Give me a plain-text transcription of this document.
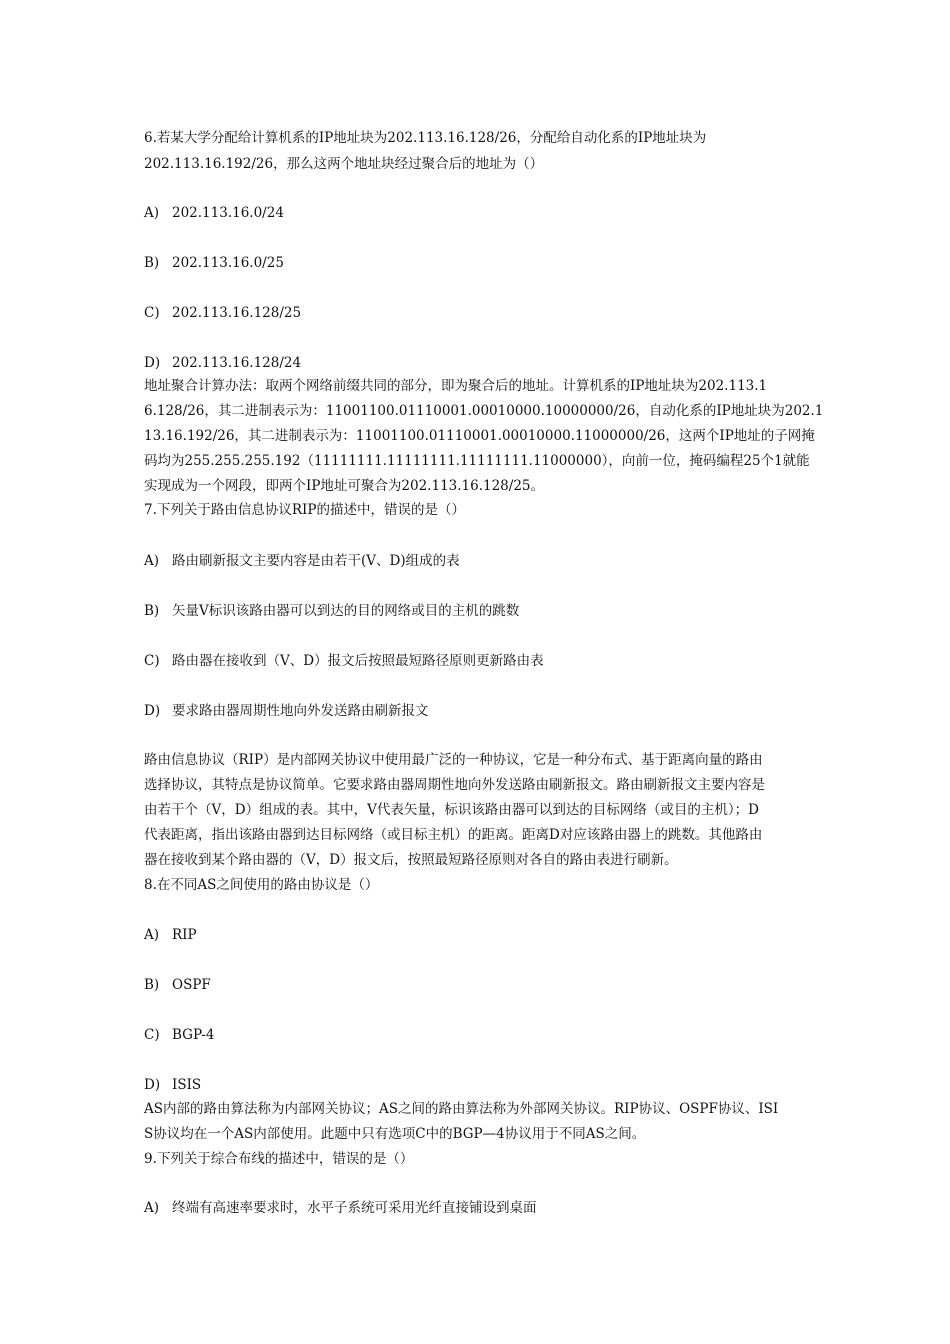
6.若某大学分配给计算机系的IP地址块为202.113.16.128/26，分配给自动化系的IP地址块为
202.113.16.192/26，那么这两个地址块经过聚合后的地址为（）
A) 202.113.16.0/24
B) 202.113.16.0/25
C) 202.113.16.128/25
D) 202.113.16.128/24
地址聚合计算办法：取两个网络前缀共同的部分，即为聚合后的地址。计算机系的IP地址块为202.113.1
6.128/26，其二进制表示为：11001100.01110001.00010000.10000000/26，自动化系的IP地址块为202.1
13.16.192/26，其二进制表示为：11001100.01110001.00010000.11000000/26，这两个IP地址的子网掩
码均为255.255.255.192（11111111.11111111.11111111.11000000），向前一位，掩码编程25个1就能
实现成为一个网段，即两个IP地址可聚合为202.113.16.128/25。
7.下列关于路由信息协议RIP的描述中，错误的是（）
A) 路由刷新报文主要内容是由若干(V、D)组成的表
B) 矢量V标识该路由器可以到达的目的网络或目的主机的跳数
C) 路由器在接收到（V、D）报文后按照最短路径原则更新路由表
D) 要求路由器周期性地向外发送路由刷新报文
路由信息协议（RIP）是内部网关协议中使用最广泛的一种协议，它是一种分布式、基于距离向量的路由
选择协议，其特点是协议简单。它要求路由器周期性地向外发送路由刷新报文。路由刷新报文主要内容是
由若干个（V，D）组成的表。其中，V代表矢量，标识该路由器可以到达的目标网络（或目的主机）；D
代表距离，指出该路由器到达目标网络（或目标主机）的距离。距离D对应该路由器上的跳数。其他路由
器在接收到某个路由器的（V，D）报文后，按照最短路径原则对各自的路由表进行刷新。
8.在不同AS之间使用的路由协议是（）
A) RIP
B) OSPF
C) BGP-4
D) ISIS
AS内部的路由算法称为内部网关协议；AS之间的路由算法称为外部网关协议。RIP协议、OSPF协议、ISI
S协议均在一个AS内部使用。此题中只有选项C中的BGP—4协议用于不同AS之间。
9.下列关于综合布线的描述中，错误的是（）
A) 终端有高速率要求时，水平子系统可采用光纤直接铺设到桌面
